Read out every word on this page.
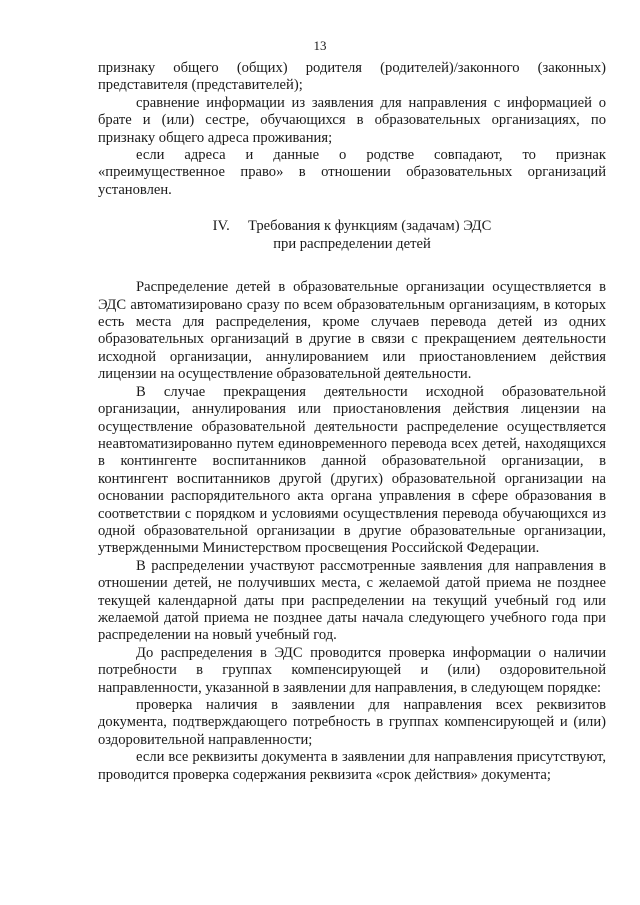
13

признаку общего (общих) родителя (родителей)/законного (законных) представителя (представителей);

сравнение информации из заявления для направления с информацией о брате и (или) сестре, обучающихся в образовательных организациях, по признаку общего адреса проживания;

если адреса и данные о родстве совпадают, то признак «преимущественное право» в отношении образовательных организаций установлен.

IV. Требования к функциям (задачам) ЭДС
при распределении детей

Распределение детей в образовательные организации осуществляется в ЭДС автоматизировано сразу по всем образовательным организациям, в которых есть места для распределения, кроме случаев перевода детей из одних образовательных организаций в другие в связи с прекращением деятельности исходной организации, аннулированием или приостановлением действия лицензии на осуществление образовательной деятельности.

В случае прекращения деятельности исходной образовательной организации, аннулирования или приостановления действия лицензии на осуществление образовательной деятельности распределение осуществляется неавтоматизированно путем единовременного перевода всех детей, находящихся в контингенте воспитанников данной образовательной организации, в контингент воспитанников другой (других) образовательной организации на основании распорядительного акта органа управления в сфере образования в соответствии с порядком и условиями осуществления перевода обучающихся из одной образовательной организации в другие образовательные организации, утвержденными Министерством просвещения Российской Федерации.

В распределении участвуют рассмотренные заявления для направления в отношении детей, не получивших места, с желаемой датой приема не позднее текущей календарной даты при распределении на текущий учебный год или желаемой датой приема не позднее даты начала следующего учебного года при распределении на новый учебный год.

До распределения в ЭДС проводится проверка информации о наличии потребности в группах компенсирующей и (или) оздоровительной направленности, указанной в заявлении для направления, в следующем порядке:

проверка наличия в заявлении для направления всех реквизитов документа, подтверждающего потребность в группах компенсирующей и (или) оздоровительной направленности;

если все реквизиты документа в заявлении для направления присутствуют, проводится проверка содержания реквизита «срок действия» документа;
